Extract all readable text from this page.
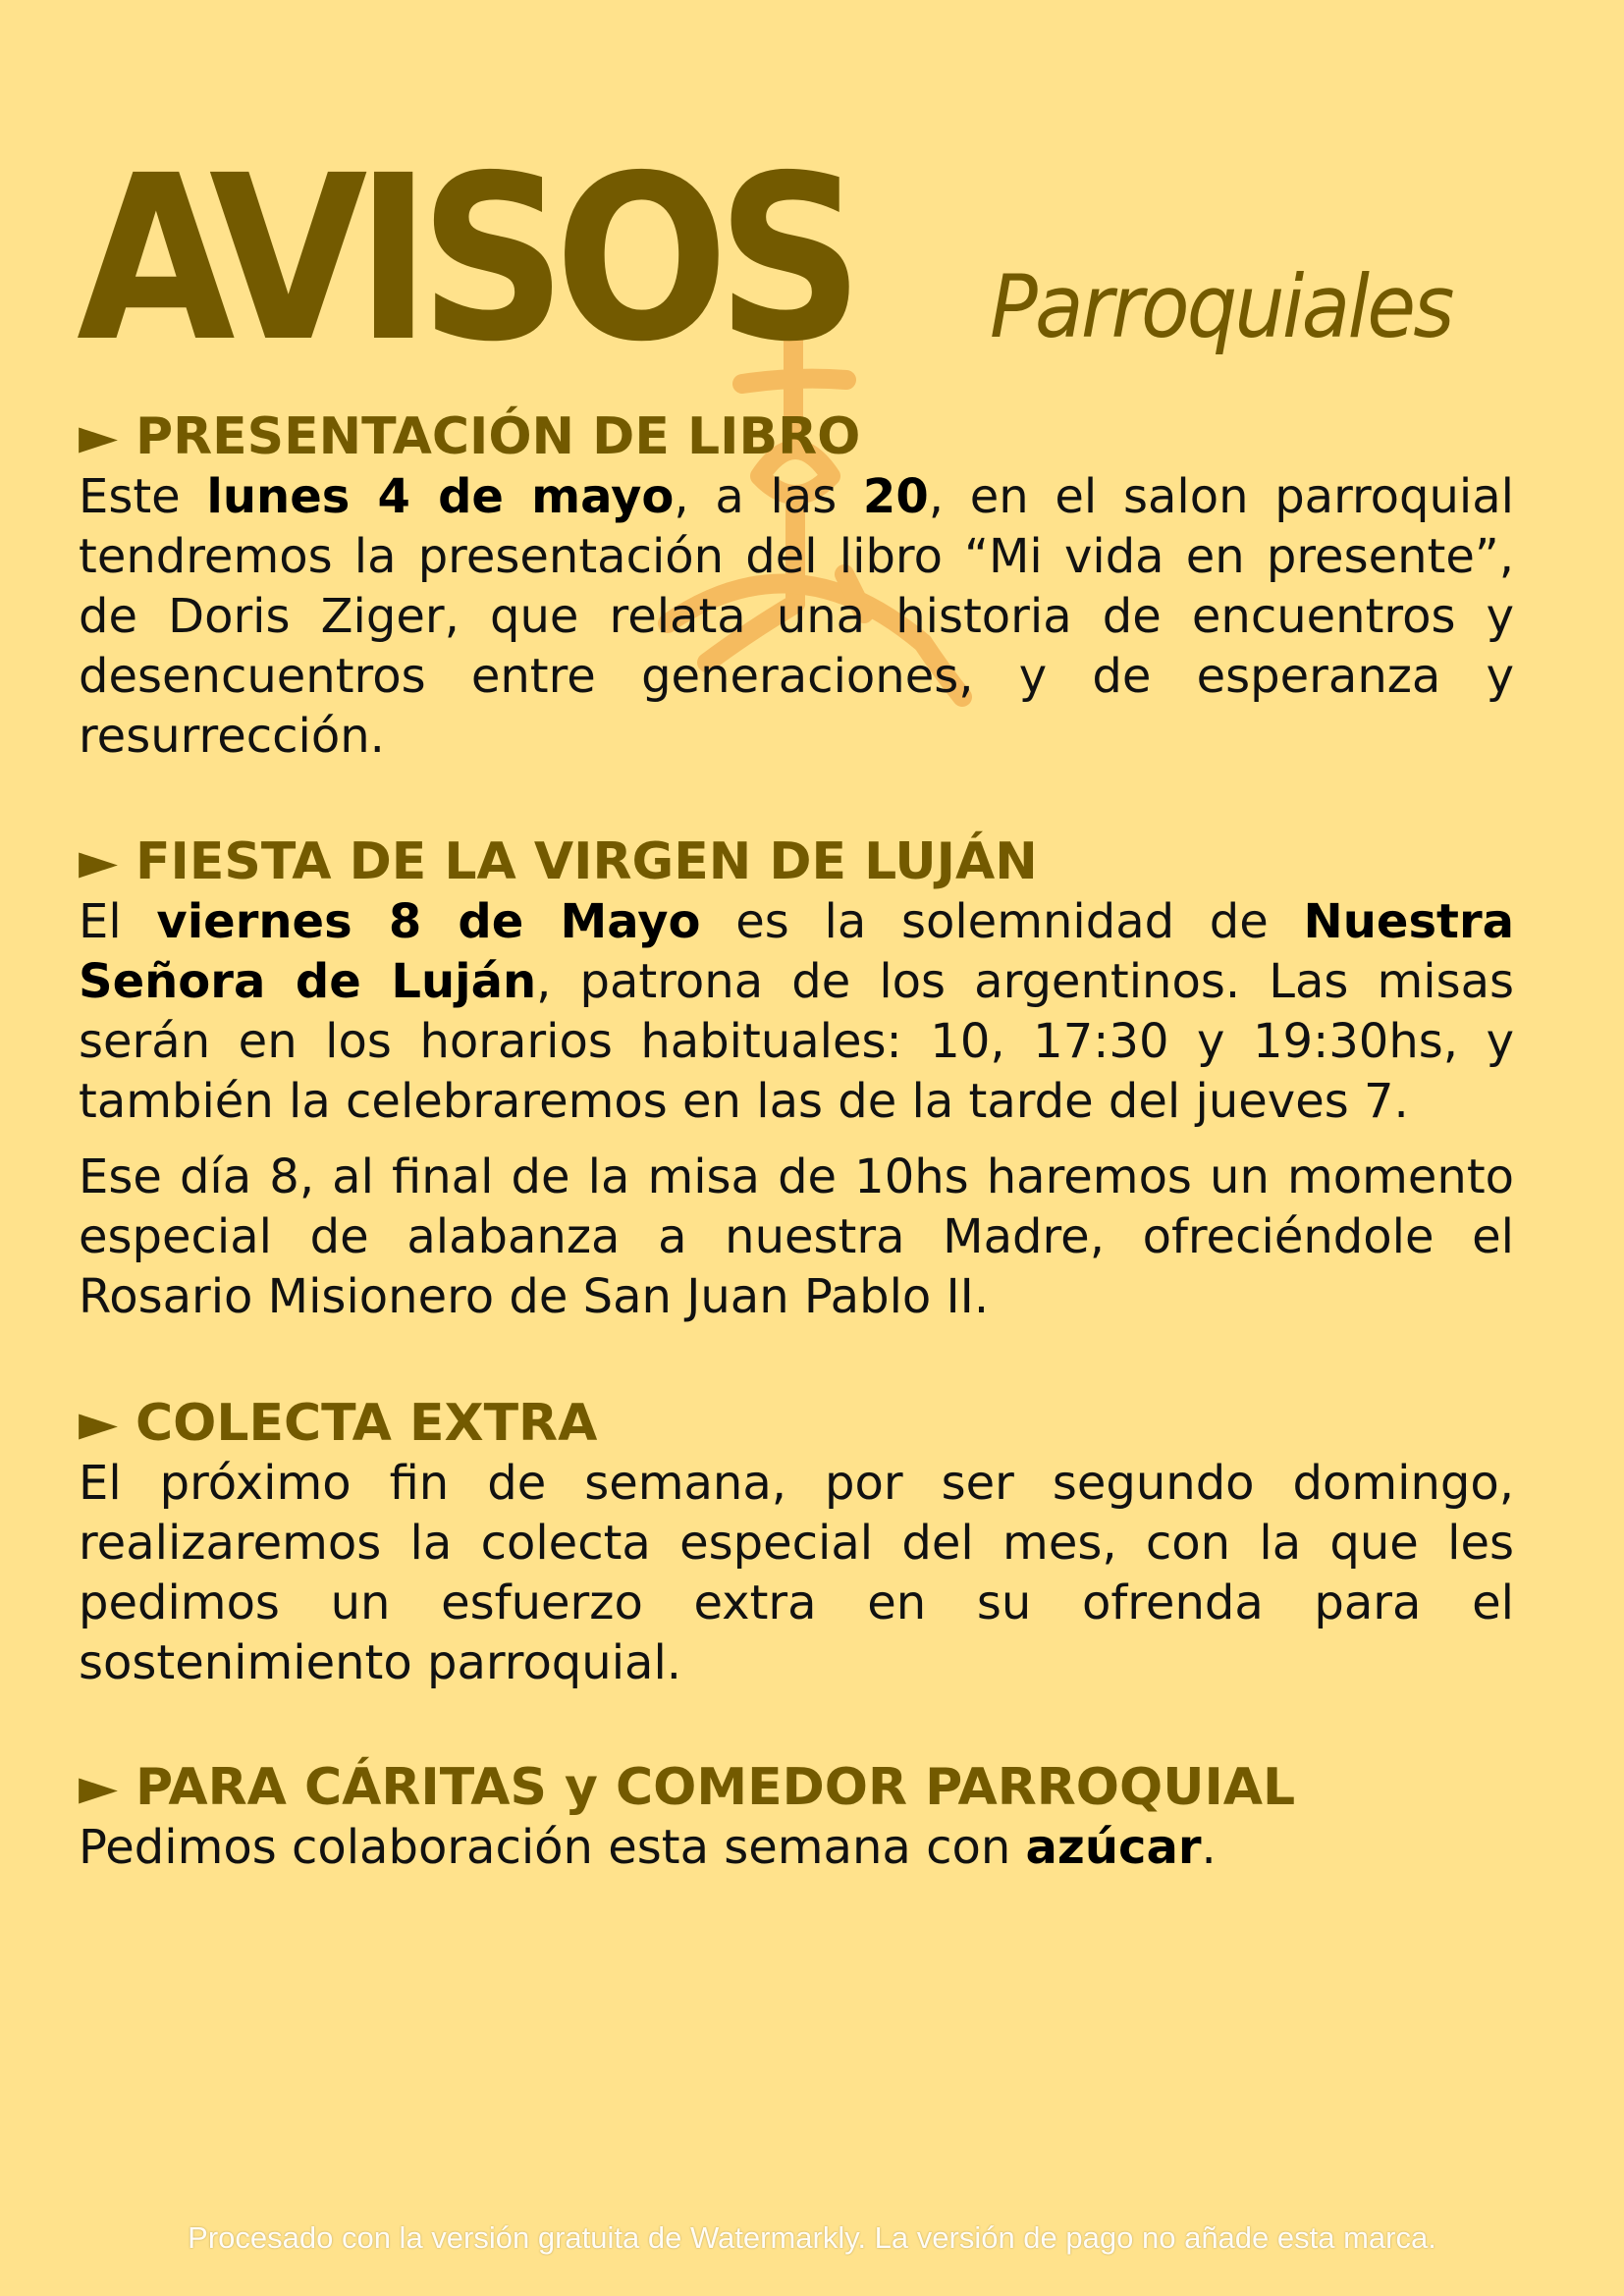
AVISOS Parroquiales
► PRESENTACIÓN DE LIBRO

Este lunes 4 de mayo, a las 20, en el salon parroquial tendremos la presentación del libro “Mi vida en presente”, de Doris Ziger, que relata una historia de encuentros y desencuentros entre generaciones, y de esperanza y resurrección.

► FIESTA DE LA VIRGEN DE LUJÁN

El viernes 8 de Mayo es la solemnidad de Nuestra Señora de Luján, patrona de los argentinos. Las misas serán en los horarios habituales: 10, 17:30 y 19:30hs, y también la celebraremos en las de la tarde del jueves 7.

Ese día 8, al final de la misa de 10hs haremos un momento especial de alabanza a nuestra Madre, ofreciéndole el Rosario Misionero de San Juan Pablo II.

► COLECTA EXTRA

El próximo fin de semana, por ser segundo domingo, realizaremos la colecta especial del mes, con la que les pedimos un esfuerzo extra en su ofrenda para el sostenimiento parroquial.

► PARA CÁRITAS y COMEDOR PARROQUIAL

Pedimos colaboración esta semana con azúcar.

Procesado con la versión gratuita de Watermarkly. La versión de pago no añade esta marca.
